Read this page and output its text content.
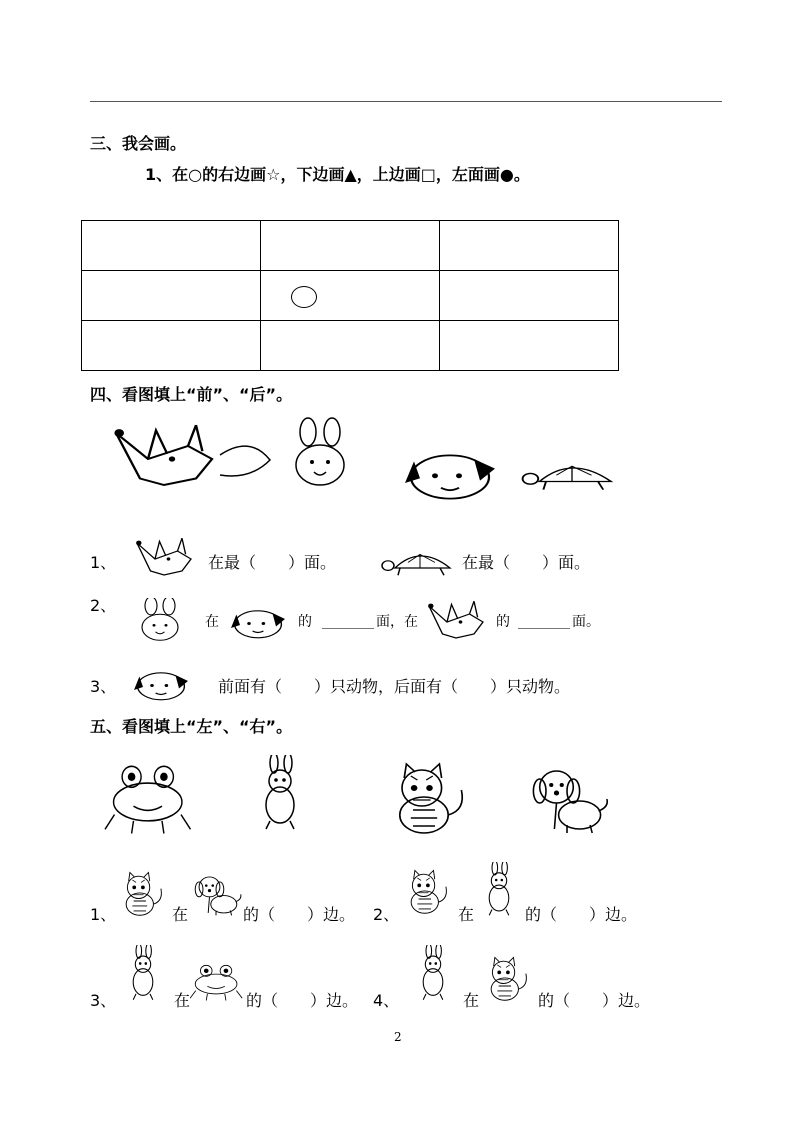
三、我会画。
1、在○的右边画☆，下边画▲，上边画□，左面画●。

四、看图填上“前”、“后”。
1、	在最（　　）面。	在最（　　）面。
2、
在	的	面，在	的	面。
3、	前面有（　　）只动物，后面有（　　）只动物。
五、看图填上“左”、“右”。
1、	在	的（　　）边。 2、	在	的（　　）边。
3、	在	的（　　）边。 4、	在	的（　　）边。
2
